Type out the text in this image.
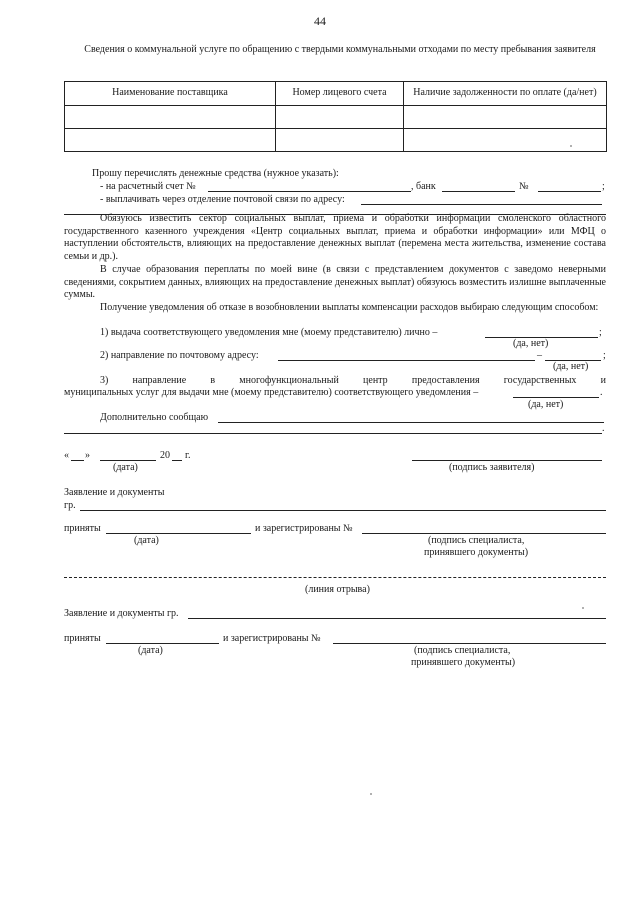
44
Сведения о коммунальной услуге по обращению с твердыми коммунальными отходами по месту пребывания заявителя
Наименование поставщика	Номер лицевого счета	Наличие задолженности по оплате (да/нет)

Прошу перечислять денежные средства (нужное указать):
- на расчетный счет №	, банк	№	;
- выплачивать через отделение почтовой связи по адресу:
Обязуюсь известить сектор социальных выплат, приема и обработки информации смоленского областного государственного казенного учреждения «Центр социальных выплат, приема и обработки информации» или МФЦ о наступлении обстоятельств, влияющих на предоставление денежных выплат (перемена места жительства, изменение состава семьи и др.).
В случае образования переплаты по моей вине (в связи с представлением документов с заведомо неверными сведениями, сокрытием данных, влияющих на предоставление денежных выплат) обязуюсь возместить излишне выплаченные суммы.
Получение уведомления об отказе в возобновлении выплаты компенсации расходов выбираю следующим способом:
1) выдача соответствующего уведомления мне (моему представителю) лично –	;
(да, нет)
2) направление по почтовому адресу:	–	;
(да, нет)
3) направление в многофункциональный центр предоставления государственных и
муниципальных услуг для выдачи мне (моему представителю) соответствующего уведомления –	.
(да, нет)
Дополнительно сообщаю
.
« »	20 г.
(дата)	(подпись заявителя)
Заявление и документы
гр.
приняты	и зарегистрированы №
(дата)	(подпись специалиста,
принявшего документы)
(линия отрыва)
Заявление и документы гр.
приняты	и зарегистрированы №
(дата)	(подпись специалиста,
принявшего документы)
